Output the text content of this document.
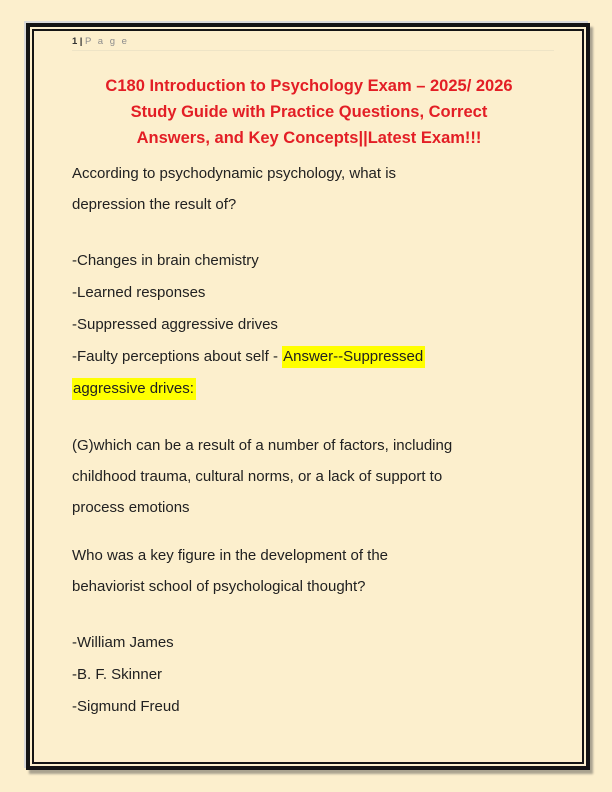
1 | P a g e
C180 Introduction to Psychology Exam – 2025/ 2026
Study Guide with Practice Questions, Correct
Answers, and Key Concepts||Latest Exam!!!
According to psychodynamic psychology, what is
depression the result of?
-Changes in brain chemistry
-Learned responses
-Suppressed aggressive drives
-Faulty perceptions about self - Answer--Suppressed
aggressive drives:
(G)which can be a result of a number of factors, including
childhood trauma, cultural norms, or a lack of support to
process emotions
Who was a key figure in the development of the
behaviorist school of psychological thought?
-William James
-B. F. Skinner
-Sigmund Freud
